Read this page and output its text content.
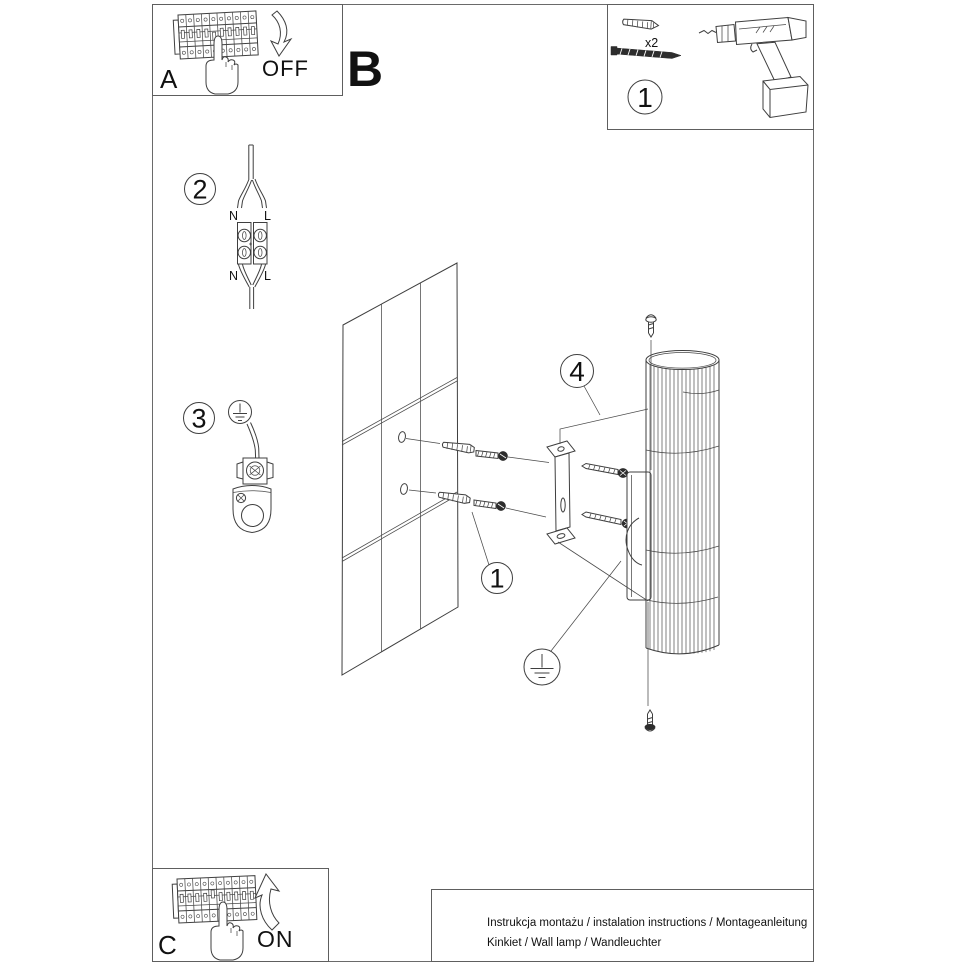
A	OFF B	x2
1
2
N L
N L
3
4
1
C	ON
Instrukcja montażu / instalation instructions / Montageanleitung
Kinkiet / Wall lamp / Wandleuchter
